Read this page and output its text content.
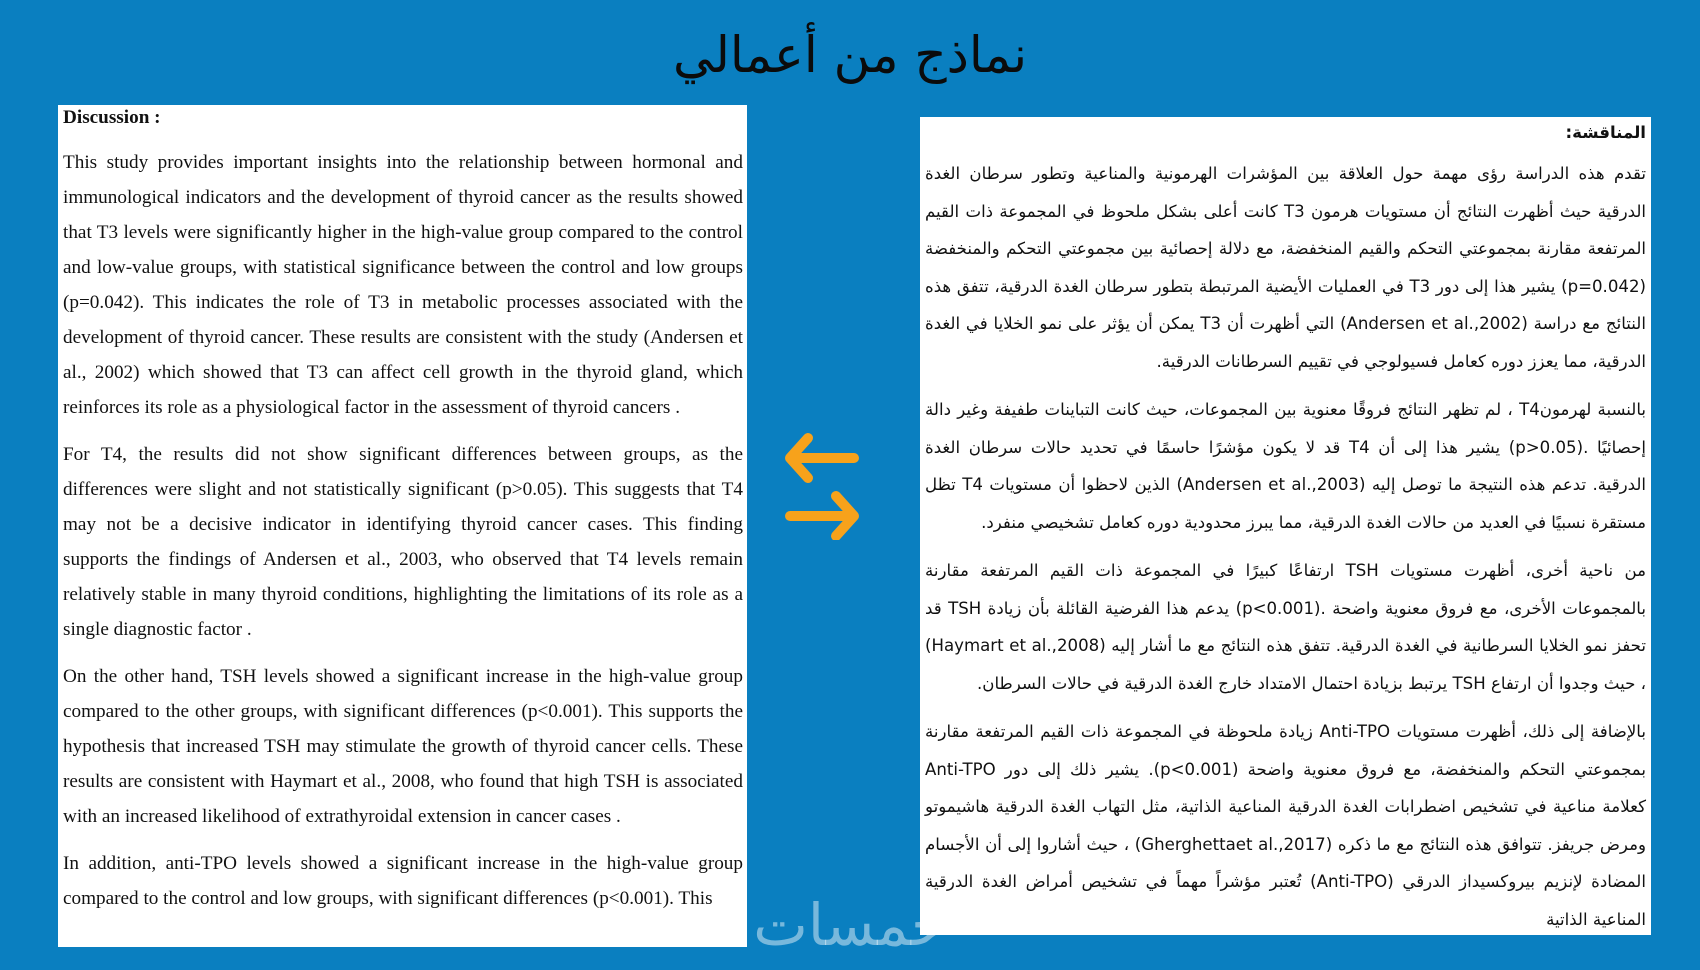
نماذج من أعمالي

Discussion :

This study provides important insights into the relationship between hormonal and immunological indicators and the development of thyroid cancer as the results showed that T3 levels were significantly higher in the high-value group compared to the control and low-value groups, with statistical significance between the control and low groups (p=0.042). This indicates the role of T3 in metabolic processes associated with the development of thyroid cancer. These results are consistent with the study (Andersen et al., 2002) which showed that T3 can affect cell growth in the thyroid gland, which reinforces its role as a physiological factor in the assessment of thyroid cancers .

For T4, the results did not show significant differences between groups, as the differences were slight and not statistically significant (p>0.05). This suggests that T4 may not be a decisive indicator in identifying thyroid cancer cases. This finding supports the findings of Andersen et al., 2003, who observed that T4 levels remain relatively stable in many thyroid conditions, highlighting the limitations of its role as a single diagnostic factor .

On the other hand, TSH levels showed a significant increase in the high-value group compared to the other groups, with significant differences (p<0.001). This supports the hypothesis that increased TSH may stimulate the growth of thyroid cancer cells. These results are consistent with Haymart et al., 2008, who found that high TSH is associated with an increased likelihood of extrathyroidal extension in cancer cases .

In addition, anti-TPO levels showed a significant increase in the high-value group compared to the control and low groups, with significant differences (p<0.001). This

المناقشة:

تقدم هذه الدراسة رؤى مهمة حول العلاقة بين المؤشرات الهرمونية والمناعية وتطور سرطان الغدة الدرقية حيث أظهرت النتائج أن مستويات هرمون T3 كانت أعلى بشكل ملحوظ في المجموعة ذات القيم المرتفعة مقارنة بمجموعتي التحكم والقيم المنخفضة، مع دلالة إحصائية بين مجموعتي التحكم والمنخفضة (p=0.042) يشير هذا إلى دور T3 في العمليات الأيضية المرتبطة بتطور سرطان الغدة الدرقية، تتفق هذه النتائج مع دراسة (Andersen et al.,2002) التي أظهرت أن T3 يمكن أن يؤثر على نمو الخلايا في الغدة الدرقية، مما يعزز دوره كعامل فسيولوجي في تقييم السرطانات الدرقية.

بالنسبة لهرمونT4 ، لم تظهر النتائج فروقًا معنوية بين المجموعات، حيث كانت التباينات طفيفة وغير دالة إحصائيًا .(p>0.05) يشير هذا إلى أن T4 قد لا يكون مؤشرًا حاسمًا في تحديد حالات سرطان الغدة الدرقية. تدعم هذه النتيجة ما توصل إليه (Andersen et al.,2003) الذين لاحظوا أن مستويات T4 تظل مستقرة نسبيًا في العديد من حالات الغدة الدرقية، مما يبرز محدودية دوره كعامل تشخيصي منفرد.

من ناحية أخرى، أظهرت مستويات TSH ارتفاعًا كبيرًا في المجموعة ذات القيم المرتفعة مقارنة بالمجموعات الأخرى، مع فروق معنوية واضحة .(p<0.001) يدعم هذا الفرضية القائلة بأن زيادة TSH قد تحفز نمو الخلايا السرطانية في الغدة الدرقية. تتفق هذه النتائج مع ما أشار إليه (Haymart et al.,2008) ، حيث وجدوا أن ارتفاع TSH يرتبط بزيادة احتمال الامتداد خارج الغدة الدرقية في حالات السرطان.

بالإضافة إلى ذلك، أظهرت مستويات Anti-TPO زيادة ملحوظة في المجموعة ذات القيم المرتفعة مقارنة بمجموعتي التحكم والمنخفضة، مع فروق معنوية واضحة (p<0.001). يشير ذلك إلى دور Anti-TPO كعلامة مناعية في تشخيص اضطرابات الغدة الدرقية المناعية الذاتية، مثل التهاب الغدة الدرقية هاشيموتو ومرض جريفز. تتوافق هذه النتائج مع ما ذكره (Gherghettaet al.,2017) ، حيث أشاروا إلى أن الأجسام المضادة لإنزيم بيروكسيداز الدرقي (Anti-TPO) تُعتبر مؤشراً مهماً في تشخيص أمراض الغدة الدرقية المناعية الذاتية

خمسات
